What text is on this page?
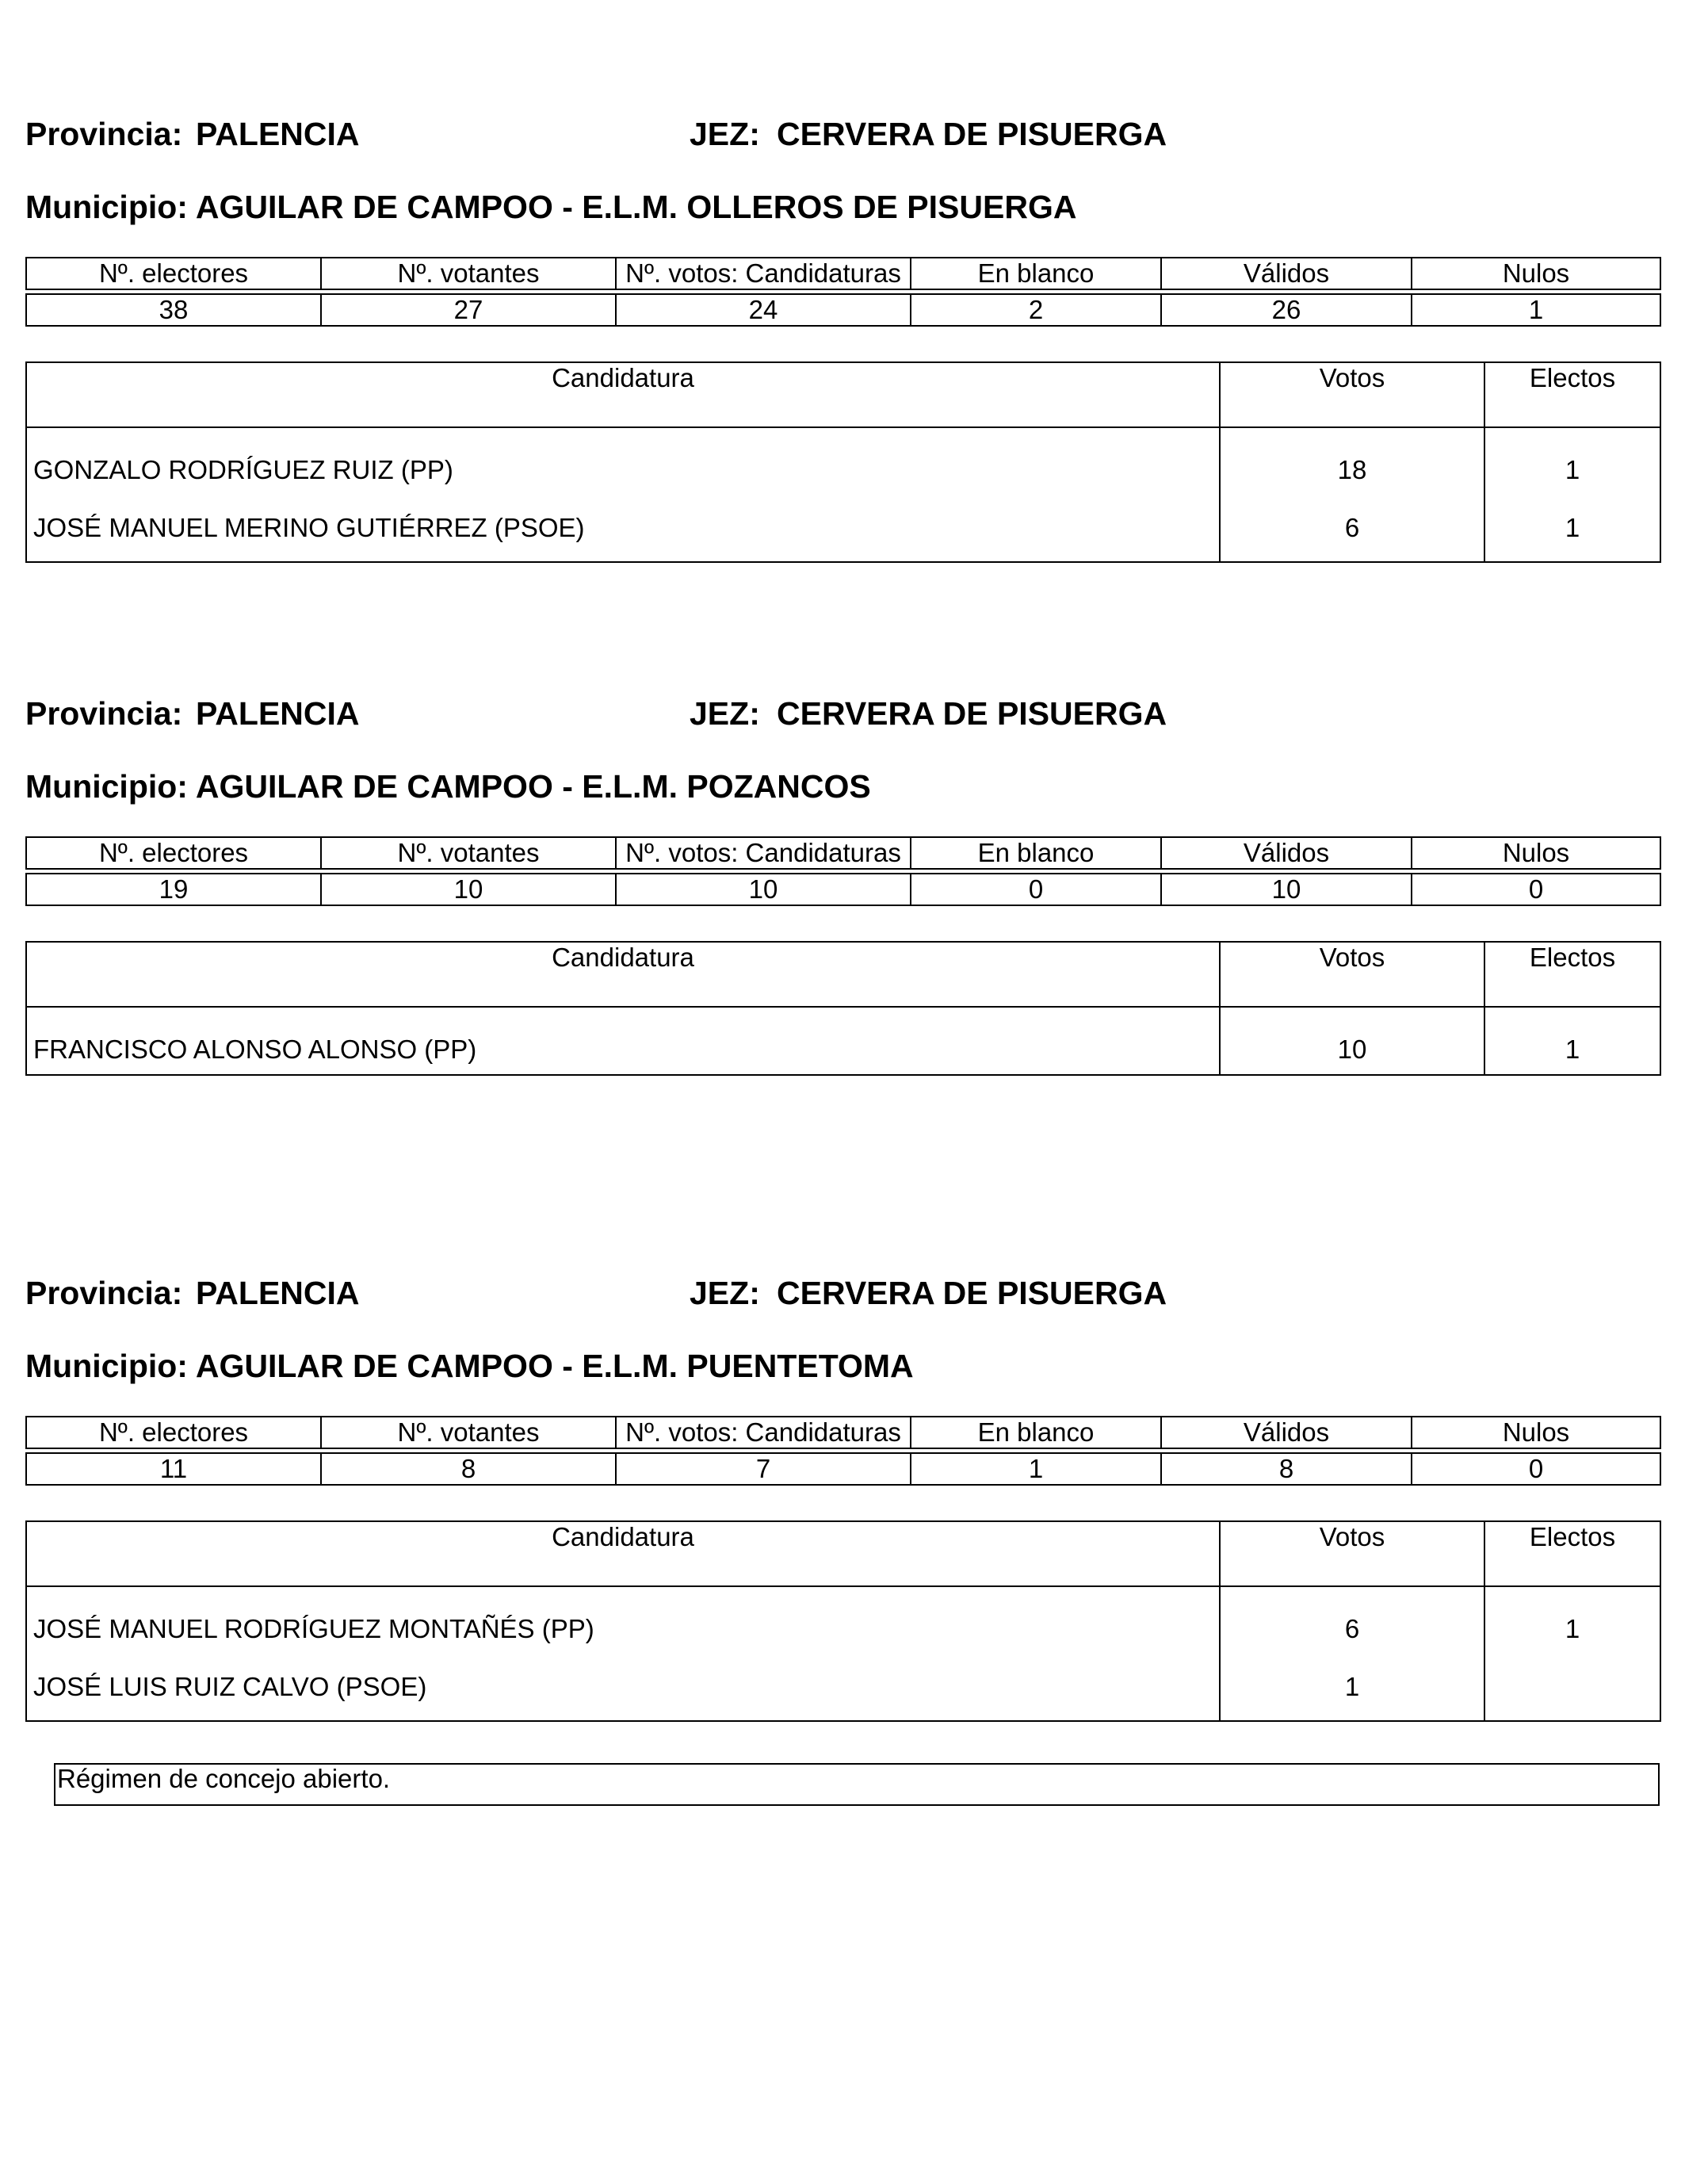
Provincia: PALENCIA	JEZ: CERVERA DE PISUERGA
Municipio: AGUILAR DE CAMPOO - E.L.M. OLLEROS DE PISUERGA
Nº. electores	Nº. votantes	Nº. votos: Candidaturas	En blanco	Válidos	Nulos

38	27	24	2	26	1
Candidatura	Votos	Electos
GONZALO RODRÍGUEZ RUIZ (PP)	18	1
JOSÉ MANUEL MERINO GUTIÉRREZ (PSOE)	6	1
Provincia: PALENCIA	JEZ: CERVERA DE PISUERGA
Municipio: AGUILAR DE CAMPOO - E.L.M. POZANCOS
Nº. electores	Nº. votantes	Nº. votos: Candidaturas	En blanco	Válidos	Nulos

19	10	10	0	10	0
Candidatura	Votos	Electos
FRANCISCO ALONSO ALONSO (PP)	10	1
Provincia: PALENCIA	JEZ: CERVERA DE PISUERGA
Municipio: AGUILAR DE CAMPOO - E.L.M. PUENTETOMA
Nº. electores	Nº. votantes	Nº. votos: Candidaturas	En blanco	Válidos	Nulos

11	8	7	1	8	0
Candidatura	Votos	Electos
JOSÉ MANUEL RODRÍGUEZ MONTAÑÉS (PP)	6	1
JOSÉ LUIS RUIZ CALVO (PSOE)	1	
Régimen de concejo abierto.
